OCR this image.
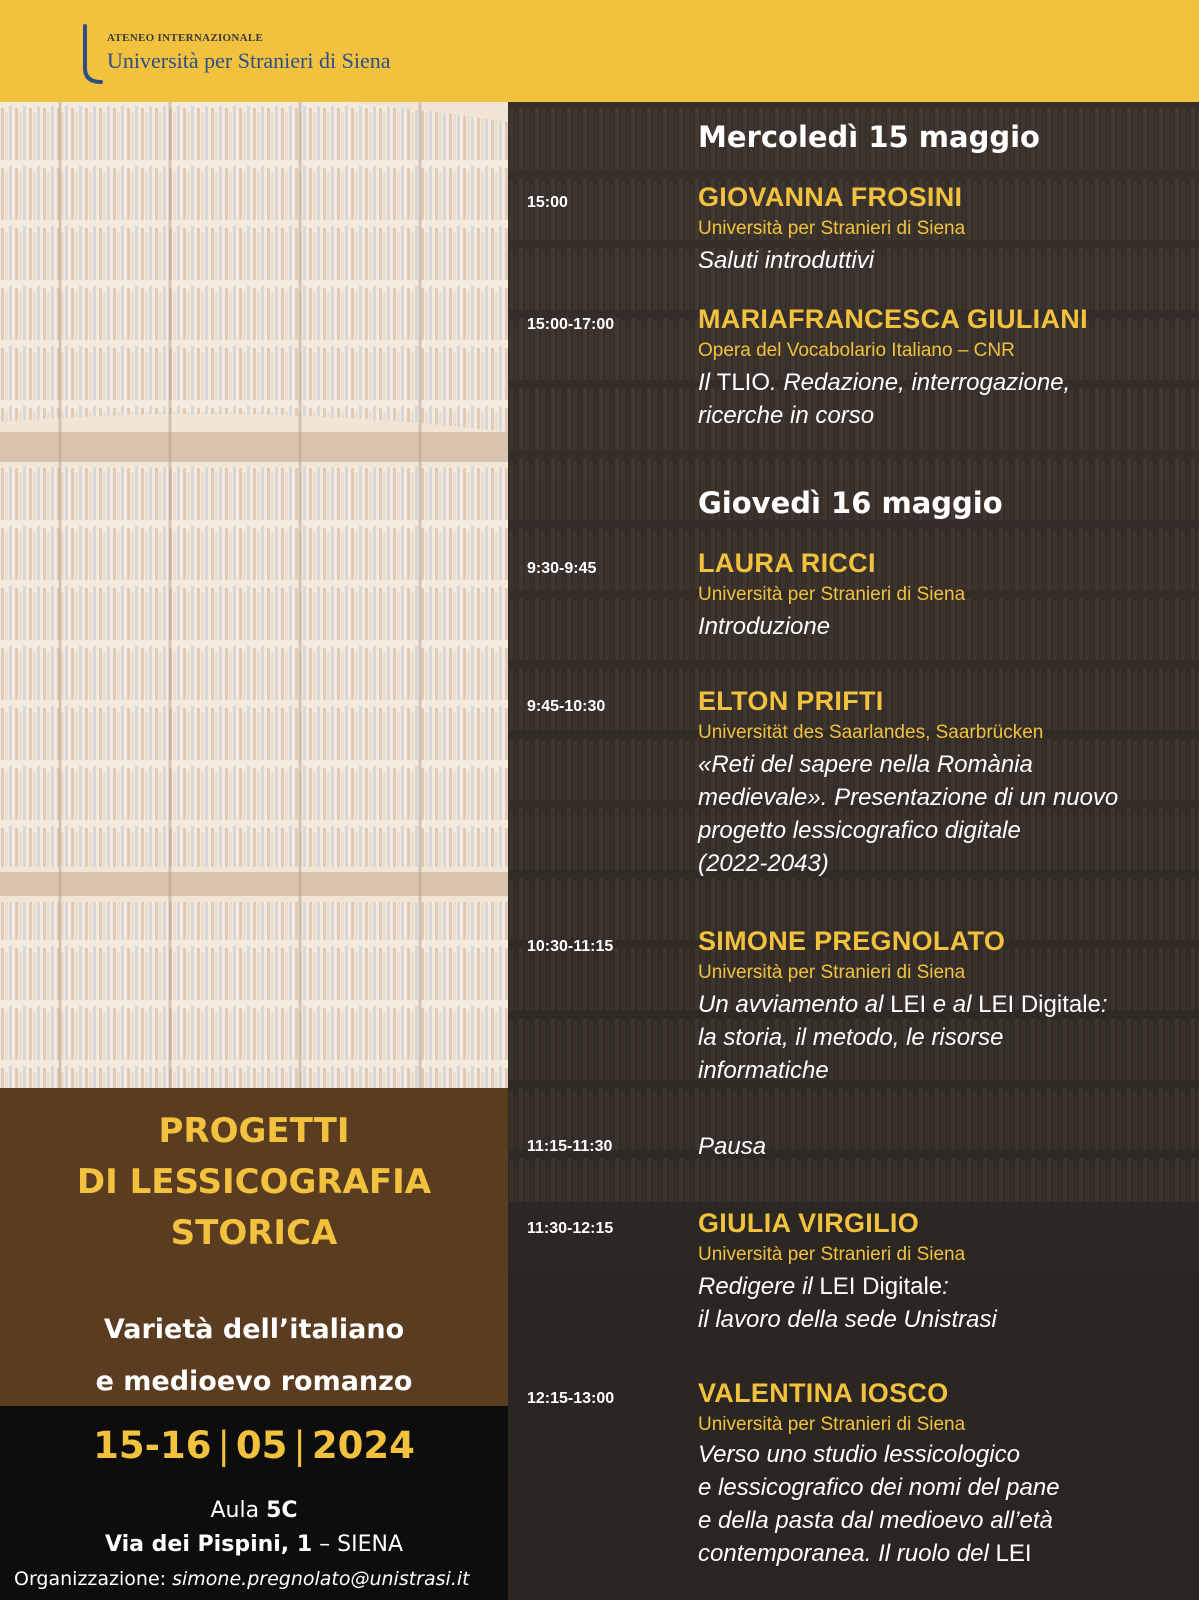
ATENEO INTERNAZIONALE
Università per Stranieri di Siena
Mercoledì 15 maggio
Giovedì 16 maggio
15:00	GIOVANNA FROSINI
Università per Stranieri di Siena
Saluti introduttivi
15:00-17:00	MARIAFRANCESCA GIULIANI
Opera del Vocabolario Italiano – CNR
Il TLIO. Redazione, interrogazione,
ricerche in corso
9:30-9:45	LAURA RICCI
Università per Stranieri di Siena
Introduzione
9:45-10:30	ELTON PRIFTI
Universität des Saarlandes, Saarbrücken
«Reti del sapere nella Romània
medievale». Presentazione di un nuovo
progetto lessicografico digitale
(2022-2043)
10:30-11:15	SIMONE PREGNOLATO
Università per Stranieri di Siena
Un avviamento al LEI e al LEI Digitale:
la storia, il metodo, le risorse
informatiche
11:15-11:30	Pausa
11:30-12:15	GIULIA VIRGILIO
Università per Stranieri di Siena
Redigere il LEI Digitale:
il lavoro della sede Unistrasi
12:15-13:00	VALENTINA IOSCO
Università per Stranieri di Siena
Verso uno studio lessicologico
e lessicografico dei nomi del pane
e della pasta dal medioevo all’età
contemporanea. Il ruolo del LEI
PROGETTI
DI LESSICOGRAFIA
STORICA
Varietà dell’italiano
e medioevo romanzo
15-16 | 05 | 2024
Aula 5C
Via dei Pispini, 1 – SIENA
Organizzazione: simone.pregnolato@unistrasi.it
